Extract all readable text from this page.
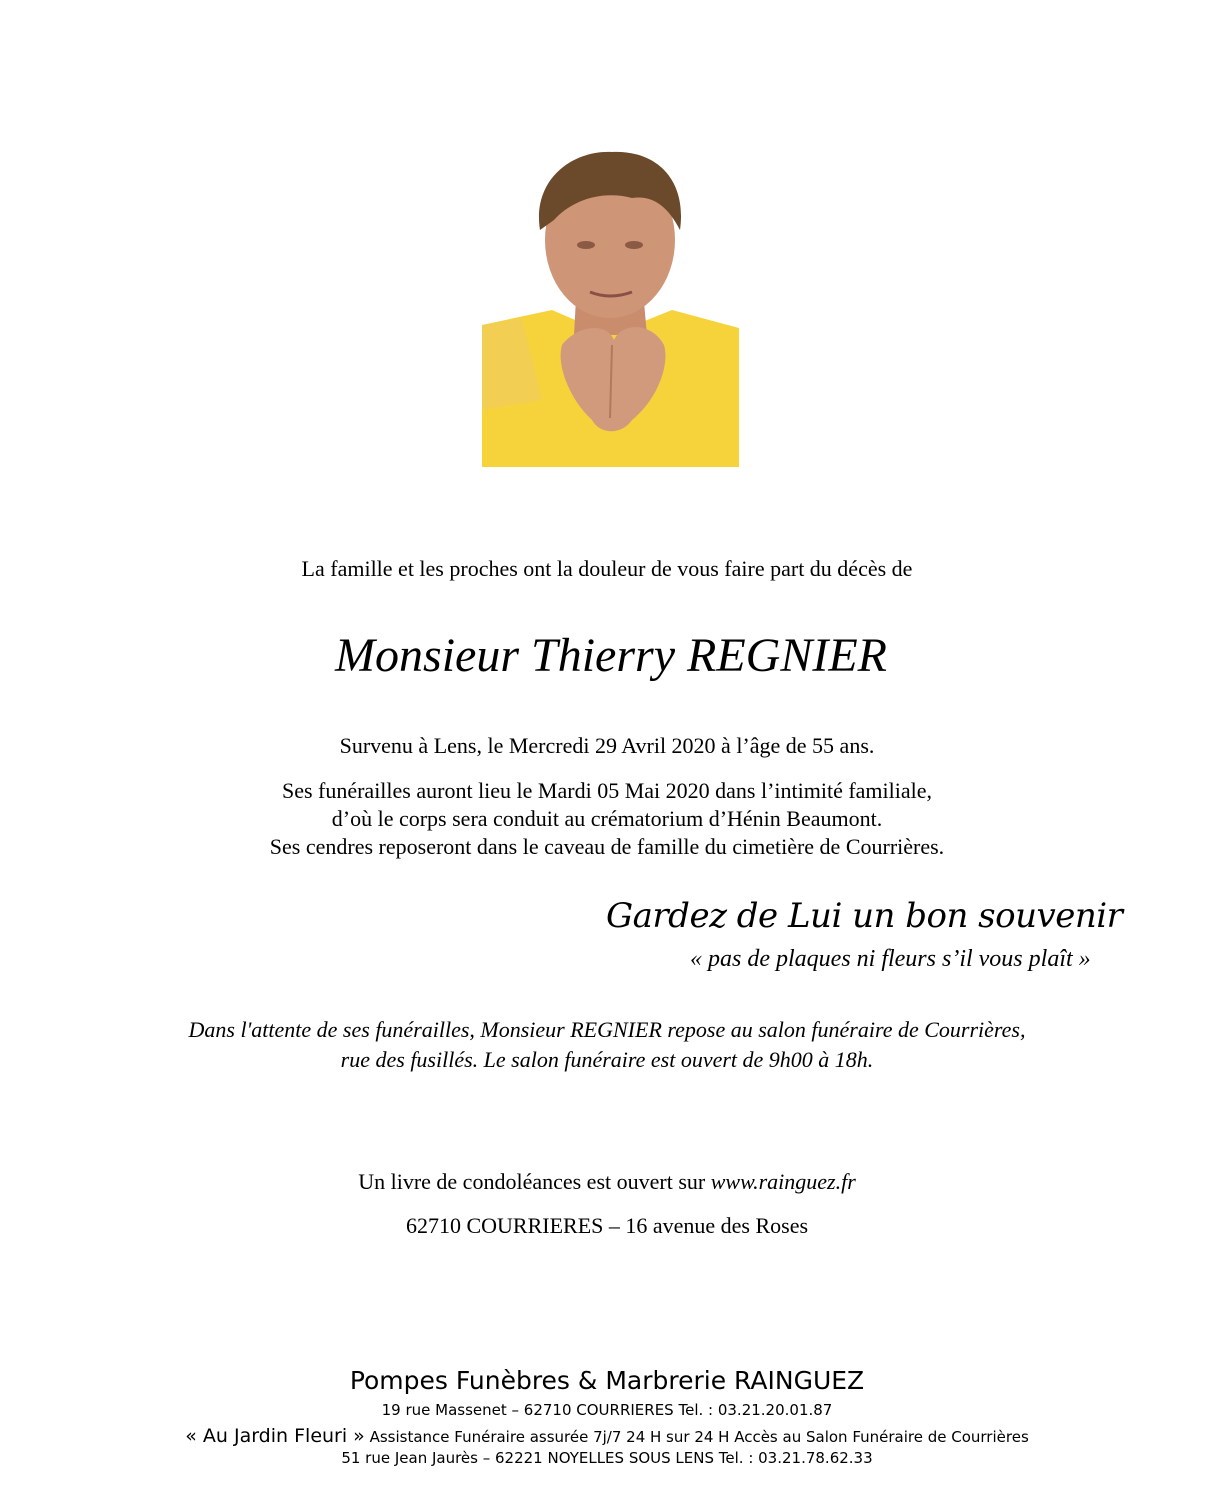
La famille et les proches ont la douleur de vous faire part du décès de
Monsieur Thierry REGNIER
Survenu à Lens, le Mercredi 29 Avril 2020 à l’âge de 55 ans.
Ses funérailles auront lieu le Mardi 05 Mai 2020 dans l’intimité familiale,
d’où le corps sera conduit au crématorium d’Hénin Beaumont.
Ses cendres reposeront dans le caveau de famille du cimetière de Courrières.
Gardez de Lui un bon souvenir
« pas de plaques ni fleurs s’il vous plaît »
Dans l'attente de ses funérailles, Monsieur REGNIER repose au salon funéraire de Courrières,
rue des fusillés. Le salon funéraire est ouvert de 9h00 à 18h.
Un livre de condoléances est ouvert sur www.rainguez.fr
62710 COURRIERES – 16 avenue des Roses
Pompes Funèbres & Marbrerie RAINGUEZ
19 rue Massenet – 62710 COURRIERES Tel. : 03.21.20.01.87
« Au Jardin Fleuri » Assistance Funéraire assurée 7j/7 24 H sur 24 H Accès au Salon Funéraire de Courrières
51 rue Jean Jaurès – 62221 NOYELLES SOUS LENS Tel. : 03.21.78.62.33
